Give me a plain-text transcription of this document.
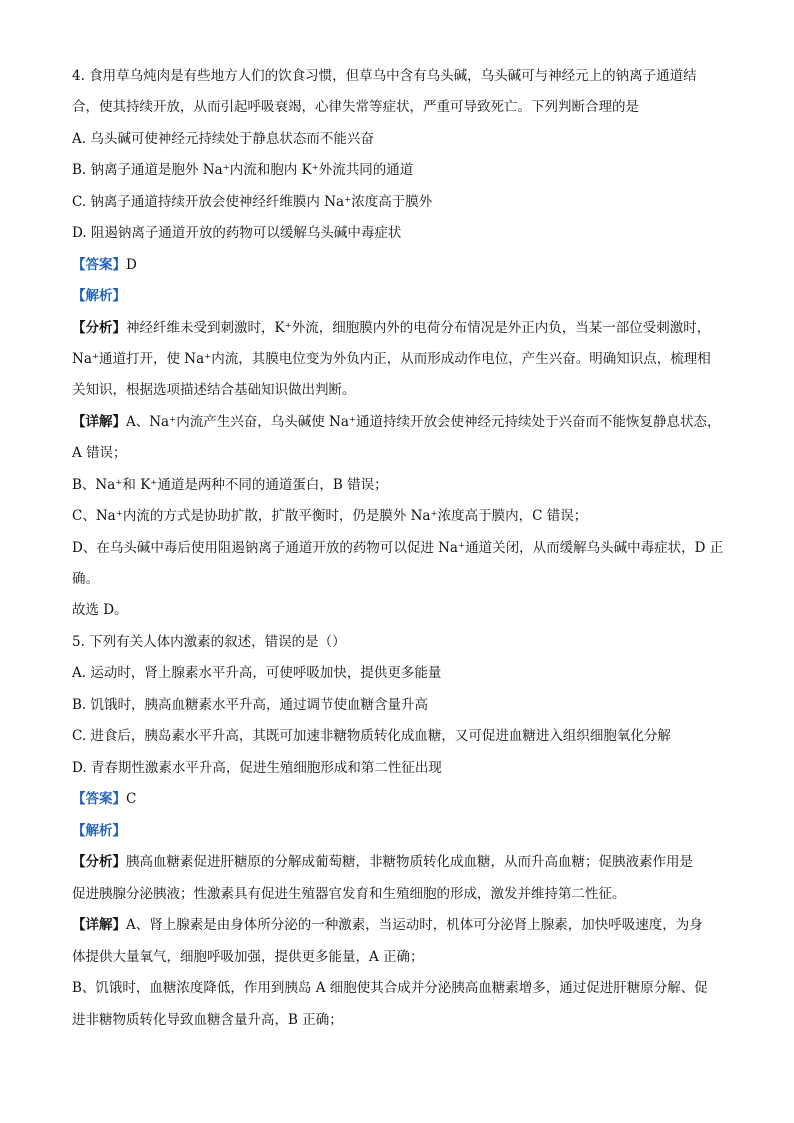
4. 食用草乌炖肉是有些地方人们的饮食习惯，但草乌中含有乌头碱，乌头碱可与神经元上的钠离子通道结
合，使其持续开放，从而引起呼吸衰竭，心律失常等症状，严重可导致死亡。下列判断合理的是
A. 乌头碱可使神经元持续处于静息状态而不能兴奋
B. 钠离子通道是胞外 Na⁺内流和胞内 K⁺外流共同的通道
C. 钠离子通道持续开放会使神经纤维膜内 Na⁺浓度高于膜外
D. 阻遏钠离子通道开放的药物可以缓解乌头碱中毒症状
【答案】D
【解析】
【分析】神经纤维未受到刺激时，K⁺外流，细胞膜内外的电荷分布情况是外正内负，当某一部位受刺激时，
Na⁺通道打开，使 Na⁺内流，其膜电位变为外负内正，从而形成动作电位，产生兴奋。明确知识点，梳理相
关知识，根据选项描述结合基础知识做出判断。
【详解】A、Na⁺内流产生兴奋，乌头碱使 Na⁺通道持续开放会使神经元持续处于兴奋而不能恢复静息状态，
A 错误；
B、Na⁺和 K⁺通道是两种不同的通道蛋白，B 错误；
C、Na⁺内流的方式是协助扩散，扩散平衡时，仍是膜外 Na⁺浓度高于膜内，C 错误；
D、在乌头碱中毒后使用阻遏钠离子通道开放的药物可以促进 Na⁺通道关闭，从而缓解乌头碱中毒症状，D 正
确。
故选 D。
5. 下列有关人体内激素的叙述，错误的是（）
A. 运动时，肾上腺素水平升高，可使呼吸加快，提供更多能量
B. 饥饿时，胰高血糖素水平升高，通过调节使血糖含量升高
C. 进食后，胰岛素水平升高，其既可加速非糖物质转化成血糖，又可促进血糖进入组织细胞氧化分解
D. 青春期性激素水平升高，促进生殖细胞形成和第二性征出现
【答案】C
【解析】
【分析】胰高血糖素促进肝糖原的分解成葡萄糖，非糖物质转化成血糖，从而升高血糖；促胰液素作用是
促进胰腺分泌胰液；性激素具有促进生殖器官发育和生殖细胞的形成，激发并维持第二性征。
【详解】A、肾上腺素是由身体所分泌的一种激素，当运动时，机体可分泌肾上腺素，加快呼吸速度，为身
体提供大量氧气，细胞呼吸加强，提供更多能量，A 正确；
B、饥饿时，血糖浓度降低，作用到胰岛 A 细胞使其合成并分泌胰高血糖素增多，通过促进肝糖原分解、促
进非糖物质转化导致血糖含量升高，B 正确；
